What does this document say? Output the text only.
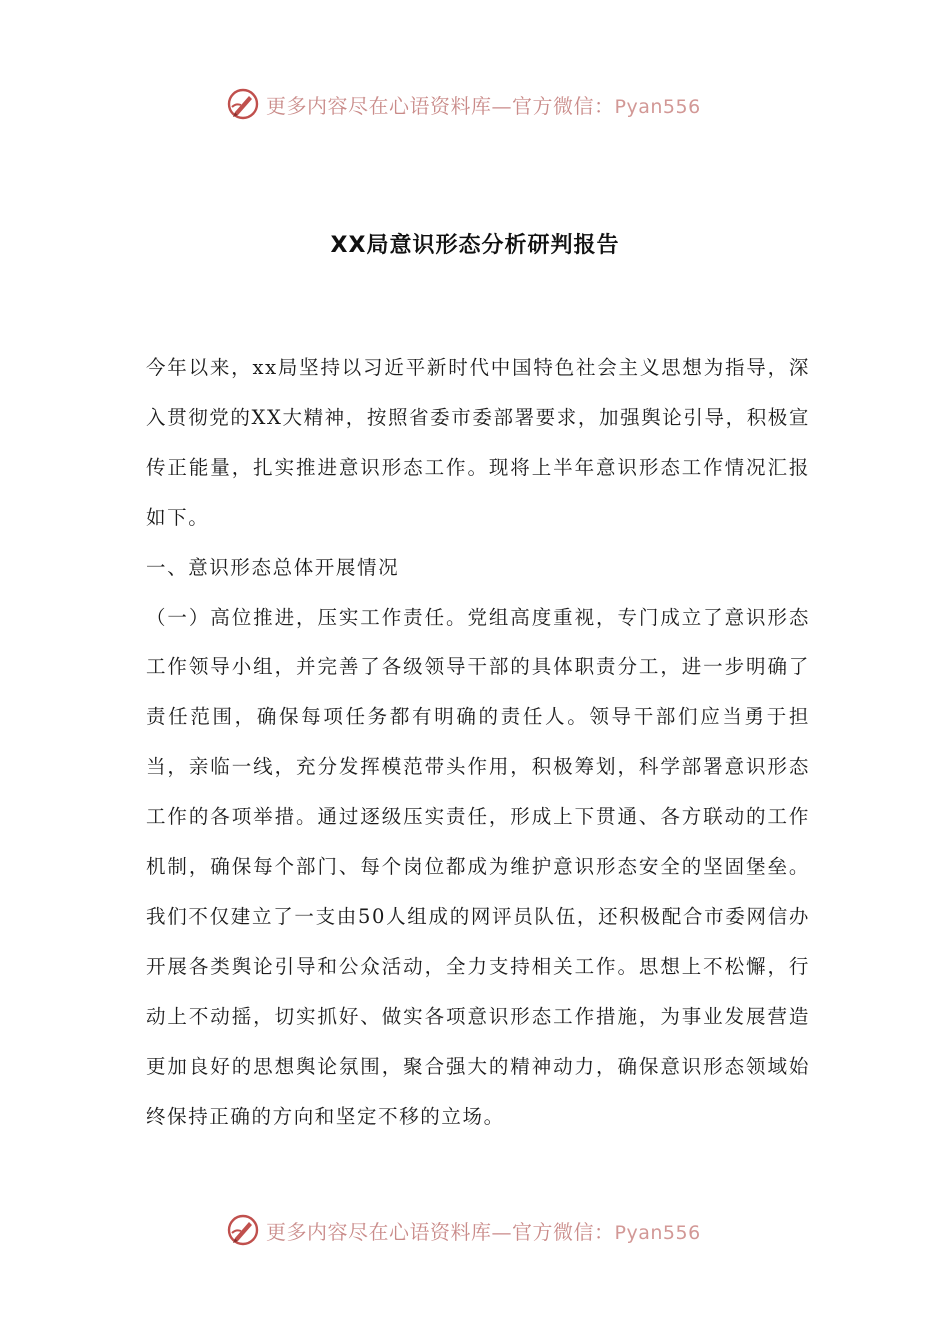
更多内容尽在心语资料库—官方微信：Pyan556
XX局意识形态分析研判报告

今年以来，xx局坚持以习近平新时代中国特色社会主义思想为指导，深入贯彻党的XX大精神，按照省委市委部署要求，加强舆论引导，积极宣传正能量，扎实推进意识形态工作。现将上半年意识形态工作情况汇报如下。

一、意识形态总体开展情况

（一）高位推进，压实工作责任。党组高度重视，专门成立了意识形态工作领导小组，并完善了各级领导干部的具体职责分工，进一步明确了责任范围，确保每项任务都有明确的责任人。领导干部们应当勇于担当，亲临一线，充分发挥模范带头作用，积极筹划，科学部署意识形态工作的各项举措。通过逐级压实责任，形成上下贯通、各方联动的工作机制，确保每个部门、每个岗位都成为维护意识形态安全的坚固堡垒。我们不仅建立了一支由50人组成的网评员队伍，还积极配合市委网信办开展各类舆论引导和公众活动，全力支持相关工作。思想上不松懈，行动上不动摇，切实抓好、做实各项意识形态工作措施，为事业发展营造更加良好的思想舆论氛围，聚合强大的精神动力，确保意识形态领域始终保持正确的方向和坚定不移的立场。

更多内容尽在心语资料库—官方微信：Pyan556
